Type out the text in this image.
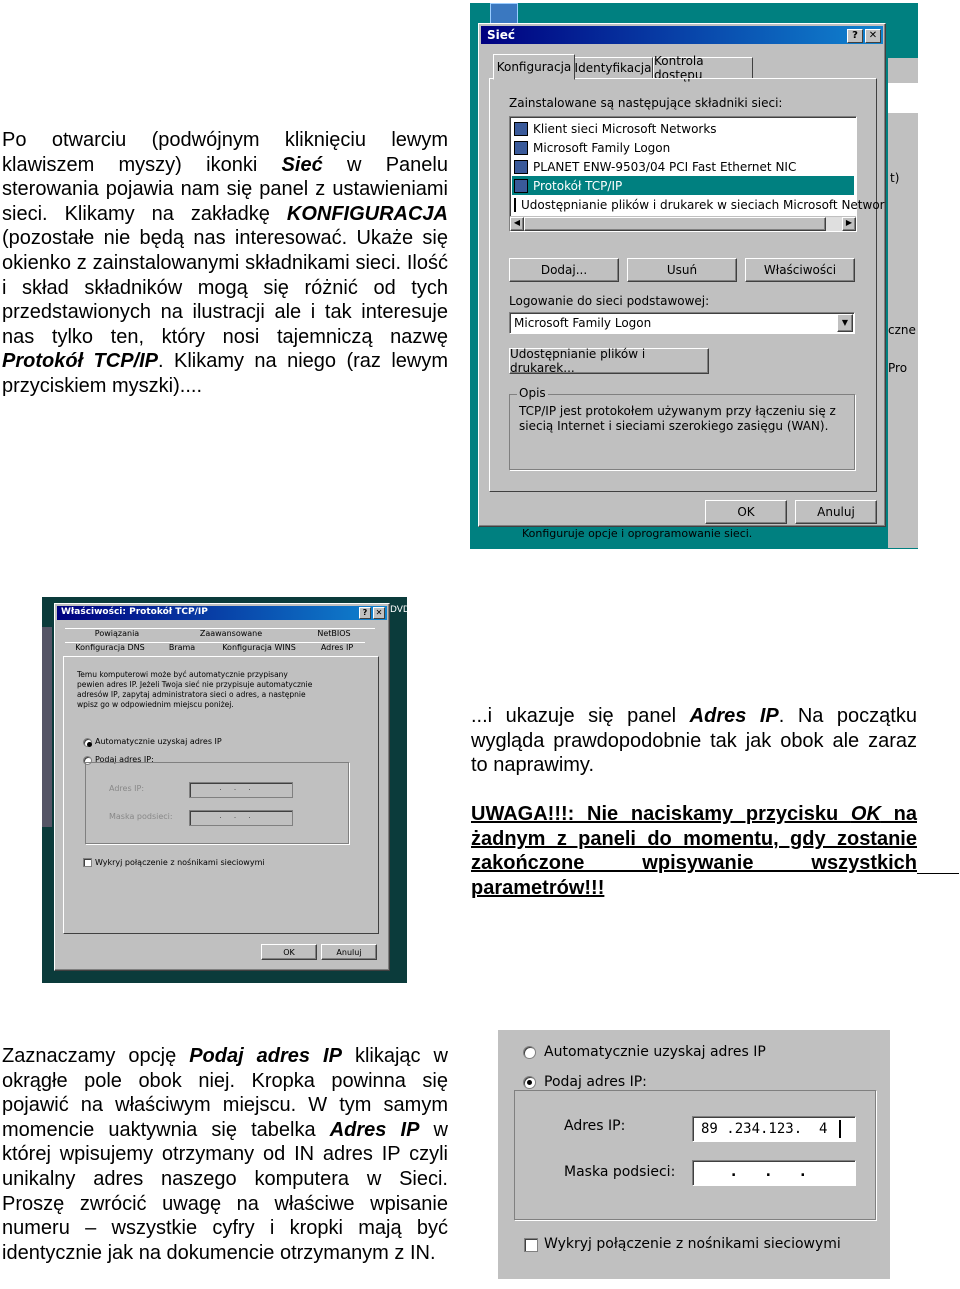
Po otwarciu (podwójnym kliknięciu lewym klawiszem myszy) ikonki Sieć w Panelu sterowania pojawia nam się panel z ustawieniami sieci. Klikamy na zakładkę KONFIGURACJA (pozostałe nie będą nas interesować. Ukaże się okienko z zainstalowanymi składnikami sieci. Ilość i skład składników mogą się różnić od tych przedstawionych na ilustracji ale i tak interesuje nas tylko ten, który nosi tajemniczą nazwę Protokół TCP/IP. Klikamy na niego (raz lewym przyciskiem myszki)....

t)
czne
Pro
Konfiguruje opcje i oprogramowanie sieci.
Sieć	?	✕
Konfiguracja Identyfikacja Kontrola dostępu
Zainstalowane są następujące składniki sieci:
Klient sieci Microsoft Networks
Microsoft Family Logon
PLANET ENW-9503/04 PCI Fast Ethernet NIC
Protokół TCP/IP
Udostępnianie plików i drukarek w sieciach Microsoft Networ
◀	▶
Dodaj...	Usuń	Właściwości
Logowanie do sieci podstawowej:
Microsoft Family Logon	▼
Udostępnianie plików i drukarek...
Opis
TCP/IP jest protokołem używanym przy łączeniu się z siecią Internet i sieciami szerokiego zasięgu (WAN).
OK	Anuluj
DVD
Właściwości: Protokół TCP/IP	?	✕
Powiązania	Zaawansowane	NetBIOS
Konfiguracja DNS	Brama	Konfiguracja WINS	Adres IP
Temu komputerowi może być automatycznie przypisany pewien adres IP. Jeżeli Twoja sieć nie przypisuje automatycznie adresów IP, zapytaj administratora sieci o adres, a następnie wpisz go w odpowiednim miejscu poniżej.
Automatycznie uzyskaj adres IP
Podaj adres IP:
Adres IP:	...
Maska podsieci:	...
Wykryj połączenie z nośnikami sieciowymi
OK	Anuluj

...i ukazuje się panel Adres IP. Na początku wygląda prawdopodobnie tak jak obok ale zaraz to naprawimy.

UWAGA!!!: Nie naciskamy przycisku OK na żadnym z paneli do momentu, gdy zostanie zakończone wpisywanie wszystkich parametrów!!!

Zaznaczamy opcję Podaj adres IP klikając w okrągłe pole obok niej. Kropka powinna się pojawić na właściwym miejscu. W tym samym momencie uaktywnia się tabelka Adres IP w której wpisujemy otrzymany od IN adres IP czyli unikalny adres naszego komputera w Sieci. Proszę zwrócić uwagę na właściwe wpisanie numeru – wszystkie cyfry i kropki mają być identycznie jak na dokumencie otrzymanym z IN.

Automatycznie uzyskaj adres IP
Podaj adres IP:
Adres IP:	89 .234.123.  4
Maska podsieci:	.      .      .
Wykryj połączenie z nośnikami sieciowymi
